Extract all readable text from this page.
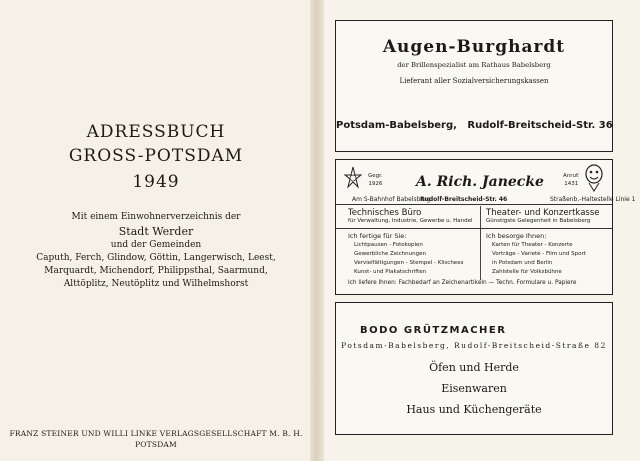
ADRESSBUCH
GROSS-POTSDAM
1949
Mit einem Einwohnerverzeichnis der
Stadt Werder
und der Gemeinden
Caputh, Ferch, Glindow, Göttin, Langerwisch, Leest,
Marquardt, Michendorf, Philippsthal, Saarmund,
Alttöplitz, Neutöplitz und Wilhelmshorst
FRANZ STEINER UND WILLI LINKE VERLAGSGESELLSCHAFT M. B. H.
POTSDAM
Augen-Burghardt
der Brillenspezialist am Rathaus Babelsberg
Lieferant aller Sozialversicherungskassen
Potsdam-Babelsberg,   Rudolf-Breitscheid-Str. 36
Gegr.
1926 A. Rich. Janecke	Anruf:
1431
Am S-Bahnhof Babelsberg
Rudolf-Breitscheid-Str. 46	Straßenb.-Haltestelle Linie 1
Technisches Büro
für Verwaltung, Industrie, Gewerbe u. Handel
Theater- und Konzertkasse
Günstigste Gelegenheit in Babelsberg
Ich fertige für Sie:
Lichtpausen - Fotokopien
Gewerbliche Zeichnungen
Vervielfältigungen - Stempel - Klischees
Kunst- und Plakatschriften
Ich besorge Ihnen:
Karten für Theater - Konzerte
Vorträge - Varieté - Film und Sport
in Potsdam und Berlin
Zahlstelle für Volksbühne
Ich liefere Ihnen: Fachbedarf an Zeichenartikeln — Techn. Formulare u. Papiere
BODO GRÜTZMACHER
Potsdam-Babelsberg, Rudolf-Breitscheid-Straße 82
Öfen und Herde
Eisenwaren
Haus und Küchengeräte
